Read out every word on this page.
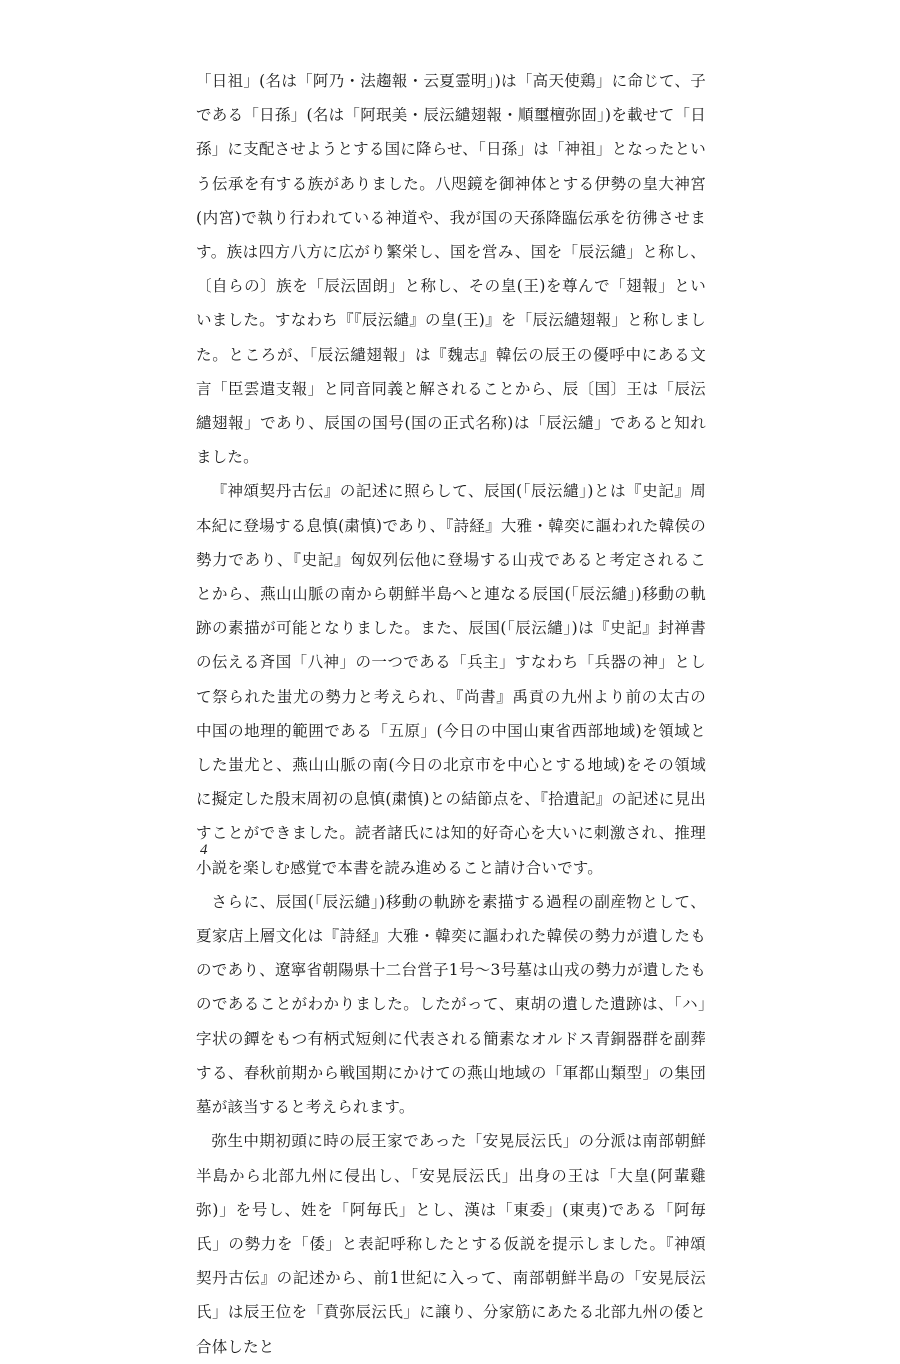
「日祖」(名は「阿乃・法趨報・云夏霊明」)は「高天使鶏」に命じて、子である「日孫」(名は「阿珉美・辰沄繾翅報・順璽檀弥固」)を載せて「日孫」に支配させようとする国に降らせ、「日孫」は「神祖」となったという伝承を有する族がありました。八咫鏡を御神体とする伊勢の皇大神宮(内宮)で執り行われている神道や、我が国の天孫降臨伝承を彷彿させます。族は四方八方に広がり繁栄し、国を営み、国を「辰沄繾」と称し、〔自らの〕族を「辰沄固朗」と称し、その皇(王)を尊んで「翅報」といいました。すなわち『『辰沄繾』の皇(王)』を「辰沄繾翅報」と称しました。ところが、「辰沄繾翅報」は『魏志』韓伝の辰王の優呼中にある文言「臣雲遣支報」と同音同義と解されることから、辰〔国〕王は「辰沄繾翅報」であり、辰国の国号(国の正式名称)は「辰沄繾」であると知れました。

『神頌契丹古伝』の記述に照らして、辰国(「辰沄繾」)とは『史記』周本紀に登場する息慎(粛慎)であり、『詩経』大雅・韓奕に謳われた韓侯の勢力であり、『史記』匈奴列伝他に登場する山戎であると考定されることから、燕山山脈の南から朝鮮半島へと連なる辰国(「辰沄繾」)移動の軌跡の素描が可能となりました。また、辰国(「辰沄繾」)は『史記』封禅書の伝える斉国「八神」の一つである「兵主」すなわち「兵器の神」として祭られた蚩尤の勢力と考えられ、『尚書』禹貢の九州より前の太古の中国の地理的範囲である「五原」(今日の中国山東省西部地域)を領域とした蚩尤と、燕山山脈の南(今日の北京市を中心とする地域)をその領域に擬定した殷末周初の息慎(粛慎)との結節点を、『拾遺記』の記述に見出すことができました。読者諸氏には知的好奇心を大いに刺激され、推理小説を楽しむ感覚で本書を読み進めること請け合いです。

さらに、辰国(「辰沄繾」)移動の軌跡を素描する過程の副産物として、夏家店上層文化は『詩経』大雅・韓奕に謳われた韓侯の勢力が遺したものであり、遼寧省朝陽県十二台営子1号～3号墓は山戎の勢力が遺したものであることがわかりました。したがって、東胡の遺した遺跡は、「ハ」字状の鐔をもつ有柄式短剣に代表される簡素なオルドス青銅器群を副葬する、春秋前期から戦国期にかけての燕山地域の「軍都山類型」の集団墓が該当すると考えられます。

弥生中期初頭に時の辰王家であった「安晃辰沄氏」の分派は南部朝鮮半島から北部九州に侵出し、「安晃辰沄氏」出身の王は「大皇(阿輩雞弥)」を号し、姓を「阿毎氏」とし、漢は「東委」(東夷)である「阿毎氏」の勢力を「倭」と表記呼称したとする仮説を提示しました。『神頌契丹古伝』の記述から、前1世紀に入って、南部朝鮮半島の「安晃辰沄氏」は辰王位を「賁弥辰沄氏」に譲り、分家筋にあたる北部九州の倭と合体したと

4
